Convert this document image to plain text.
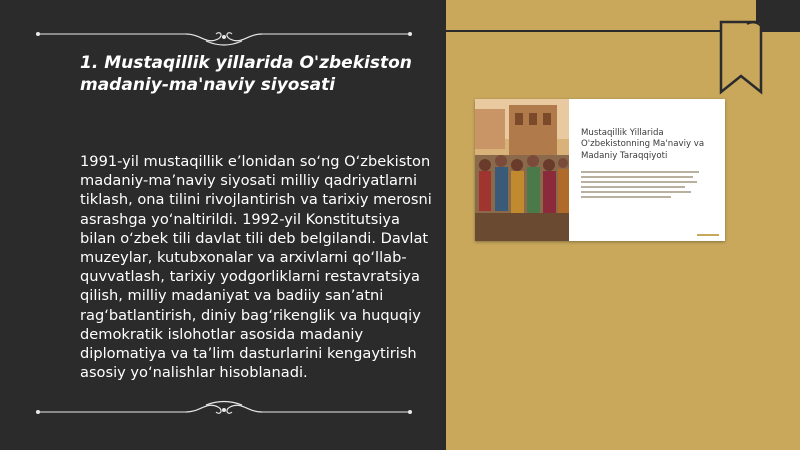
1. Mustaqillik yillarida O'zbekiston madaniy-ma'naviy siyosati

1991-yil mustaqillik e’lonidan so‘ng O‘zbekiston madaniy-ma’naviy siyosati milliy qadriyatlarni tiklash, ona tilini rivojlantirish va tarixiy merosni asrashga yo‘naltirildi. 1992-yil Konstitutsiya bilan o‘zbek tili davlat tili deb belgilandi. Davlat muzeylar, kutubxonalar va arxivlarni qo‘llab-quvvatlash, tarixiy yodgorliklarni restavratsiya qilish, milliy madaniyat va badiiy san’atni rag‘batlantirish, diniy bag‘rikenglik va huquqiy demokratik islohotlar asosida madaniy diplomatiya va ta’lim dasturlarini kengaytirish asosiy yo‘nalishlar hisoblanadi.

Mustaqillik Yillarida O'zbekistonning Ma'naviy va Madaniy Taraqqiyoti
